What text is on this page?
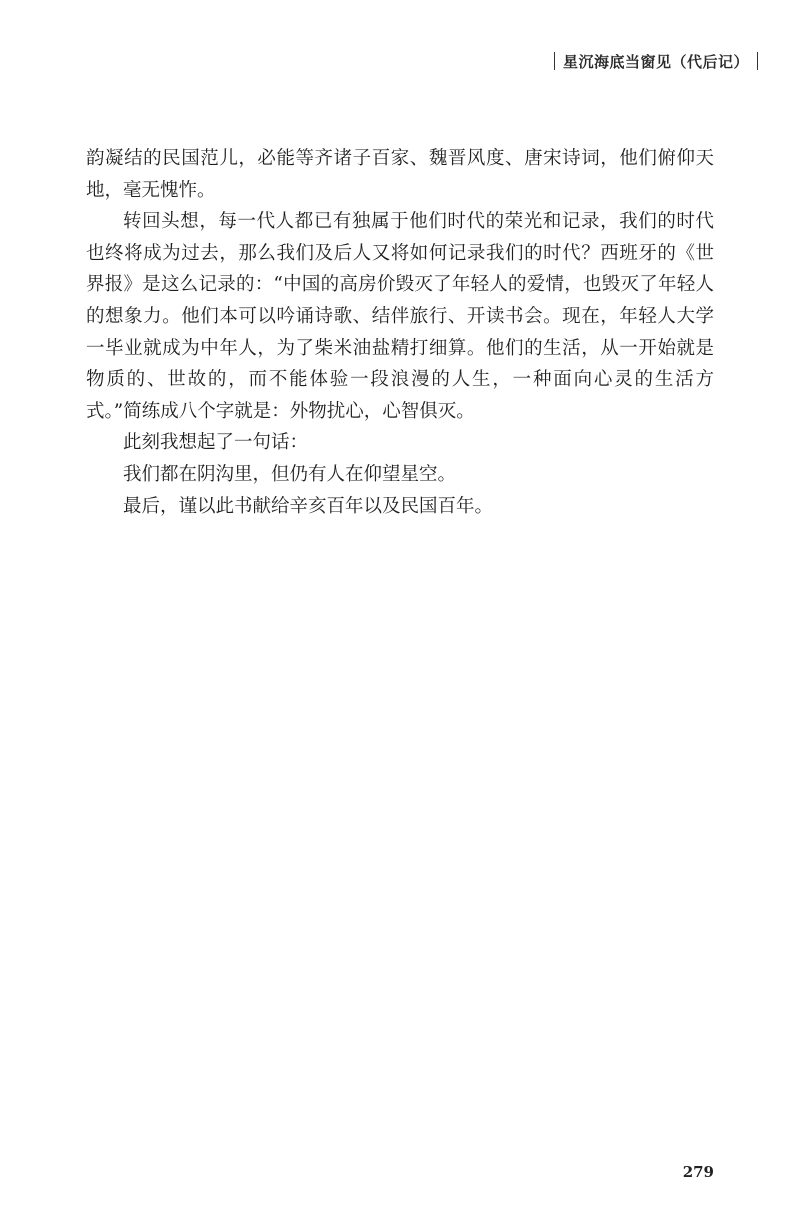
星沉海底当窗见（代后记）

韵凝结的民国范儿，必能等齐诸子百家、魏晋风度、唐宋诗词，他们俯仰天地，毫无愧怍。

转回头想，每一代人都已有独属于他们时代的荣光和记录，我们的时代也终将成为过去，那么我们及后人又将如何记录我们的时代？西班牙的《世界报》是这么记录的：“中国的高房价毁灭了年轻人的爱情，也毁灭了年轻人的想象力。他们本可以吟诵诗歌、结伴旅行、开读书会。现在，年轻人大学一毕业就成为中年人，为了柴米油盐精打细算。他们的生活，从一开始就是物质的、世故的，而不能体验一段浪漫的人生，一种面向心灵的生活方式。”简练成八个字就是：外物扰心，心智俱灭。

此刻我想起了一句话：

我们都在阴沟里，但仍有人在仰望星空。

最后，谨以此书献给辛亥百年以及民国百年。

279
